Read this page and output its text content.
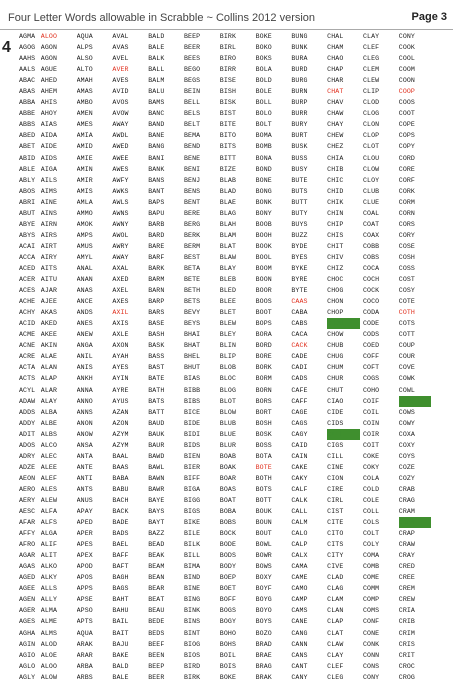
Four Letter Words allowable in Scrabble ~ Collins 2012 version	Page 3
4
AGMA
AGOG
AAHS
AALS
ABAC
ABAS
ABBA
ABBE
ABBS
ABED
ABET
ABID
ABLE
ABLY
ABOS
ABRI
ABUT
ABYE
ABYS
ACAI
ACCA
ACED
ACER
ACES
ACHE
ACHY
ACID
ACME
ACNE
ACRE
ACTA
ACTS
ACYL
ADAW
ADDS
ADDY
ADIT
ADOS
ADRY
ADZE
AEON
AERO
AERY
AESC
AFAR
AFFY
AFRO
AGAR
AGAS
AGED
AGEE
AGEN
AGER
AGES
AGHA
AGIN
AGIO
AGLO
AGLY
ALOO
AGON
AGON
AGUE
AHED
AHEM
AHIS
AHOY
AIAS
AIDA
AIDE
AIDS
AIGA
AILS
AIMS
AINE
AINS
AIRN
AIRS
AIRT
AIRY
AITS
AITU
AJAR
AJEE
AKAS
AKED
AKEE
AKIN
ALAE
ALAN
ALAP
ALAR
ALAY
ALBA
ALBE
ALBS
ALCO
ALEC
ALEE
ALEF
ALES
ALEW
ALFA
ALFS
ALGA
ALIF
ALIT
ALKO
ALKY
ALLS
ALLY
ALMA
ALME
ALMS
ALOD
ALOE
ALOO
ALOW
AQUA
ALPS
ALSO
ALTO
AMAH
AMAS
AMBO
AMEN
AMES
AMIA
AMID
AMIE
AMIN
AMIR
AMIS
AMLA
AMMO
AMOK
AMPS
AMUS
AMYL
ANAL
ANAN
ANAS
ANCE
ANDS
ANES
ANEW
ANGA
ANIL
ANIS
ANKH
ANNA
ANNO
ANNS
ANON
ANOW
ANSA
ANTA
ANTE
ANTI
ANTS
ANUS
APAY
APED
APER
APES
APEX
APOD
APOS
APPS
APSE
APSO
APTS
AQUA
ARAK
ARAR
ARBA
ARBS
AVAL
AVAS
AVEL
AVER
AVES
AVID
AVOS
AVOW
AWAY
AWDL
AWED
AWEE
AWES
AWFY
AWKS
AWLS
AWNS
AWNY
AWOL
AWRY
AWAY
AXAL
AXED
AXEL
AXES
AXIL
AXIS
AXLE
AXON
AYAH
AYES
AYIN
AYRE
AYUS
AZAN
AZON
AZYM
AZYM
BAAL
BAAS
BABA
BABU
BACH
BACK
BADE
BADS
BAEL
BAFF
BAFT
BAGH
BAGS
BAHT
BAHU
BAIL
BAIT
BAJU
BAKE
BALD
BALE
BALD
BALE
BALK
BALL
BALM
BALU
BAMS
BANC
BAND
BANE
BANG
BANI
BANK
BANS
BANT
BAPS
BAPU
BARB
BARD
BARE
BARF
BARK
BARM
BARN
BARP
BARS
BASE
BASH
BASK
BASS
BAST
BATE
BATH
BATS
BATT
BAUD
BAUK
BAUR
BAWD
BAWL
BAWN
BAWR
BAYE
BAYS
BAYT
BAZZ
BEAD
BEAK
BEAM
BEAN
BEAR
BEAT
BEAU
BEDE
BEDS
BEEF
BEEN
BEEP
BEER
BEEP
BEER
BEES
BEGO
BEGS
BEIN
BELL
BELS
BELT
BEMA
BEND
BENE
BENI
BENJ
BENS
BENT
BERE
BERG
BERK
BERM
BEST
BETA
BETE
BETH
BETS
BEVY
BEYS
BHAI
BHAT
BHEL
BHUT
BIAS
BIBB
BIBS
BICE
BIDE
BIDI
BIDS
BIEN
BIER
BIFF
BIGA
BIGG
BIGS
BIKE
BILE
BILK
BILL
BIMA
BIND
BINE
BING
BINK
BINS
BINT
BIOG
BIOS
BIRD
BIRK
BIRK
BIRL
BIRO
BIRR
BISE
BISH
BISK
BIST
BITE
BITO
BITS
BITT
BIZE
BLAB
BLAD
BLAE
BLAG
BLAH
BLAM
BLAT
BLAW
BLAY
BLEB
BLED
BLEE
BLET
BLEW
BLEY
BLIN
BLIP
BLOB
BLOC
BLOG
BLOT
BLOW
BLUB
BLUE
BLUR
BOAB
BOAK
BOAR
BOAS
BOAT
BOBA
BOBS
BOCK
BODE
BODS
BODY
BOEP
BOET
BOFF
BOGS
BOGY
BOHO
BOHS
BOIL
BOIS
BOKE
BOKE
BOKO
BOKS
BOLA
BOLD
BOLE
BOLL
BOLO
BOLT
BOMA
BOMB
BONA
BOND
BONE
BONG
BONK
BONY
BOOB
BOOH
BOOK
BOOL
BOOM
BOON
BOOR
BOOS
BOOT
BOPS
BORA
BORD
BORE
BORK
BORM
BORN
BORS
BORT
BOSH
BOSK
BOSS
BOTA
BOTE
BOTH
BOTS
BOTT
BOUK
BOUN
BOUT
BOWL
BOWR
BOWS
BOXY
BOYF
BOYG
BOYO
BOYS
BOZO
BRAD
BRAE
BRAG
BRAK
BUNG
BUNK
BURA
BURD
BURG
BURN
BURP
BURR
BURY
BURT
BUSK
BUSS
BUSY
BUTE
BUTS
BUTT
BUTY
BUYS
BUZZ
BYDE
BYES
BYKE
BYRE
BYTE
CAAS
CABA
CABS
CACA
CACK
CADE
CADI
CADS
CAFE
CAFF
CAGE
CAGS
CAGY
CAID
CAIN
CAKE
CAKY
CALF
CALK
CALL
CALM
CALO
CALP
CALX
CAMA
CAME
CAMO
CAMP
CAMS
CANE
CANG
CANN
CANS
CANT
CANY
CHAL
CHAM
CHAO
CHAP
CHAR
CHAT
CHAV
CHAW
CHAY
CHEW
CHEZ
CHIA
CHIB
CHIC
CHID
CHIK
CHIN
CHIP
CHIS
CHIT
CHIV
CHIZ
CHOC
CHOG
CHON
CHOP
CHOU
CHOW
CHUB
CHUG
CHUM
CHUR
CHUT
CIAO
CIDE
CIDS
CIEL
CIGS
CILL
CINE
CION
CIRE
CIRL
CIST
CITE
CITO
CITS
CITY
CIVE
CLAD
CLAG
CLAM
CLAN
CLAP
CLAT
CLAW
CLAY
CLEF
CLEG
CLAY
CLEF
CLEG
CLEM
CLEW
CLIP
CLOD
CLOG
CLON
CLOP
CLOT
CLOU
CLOW
CLOY
CLUB
CLUE
COAL
COAT
COAX
COBB
COBS
COCA
COCH
COCK
COCO
CODA
CODE
CODS
COED
COFF
COFT
COGS
COHO
COIF
COIL
COIN
COIR
COIT
COKE
COKY
COLA
COLD
COLE
COLL
COLS
COLT
COLY
COMA
COMB
COME
COMM
COMP
COMS
CONF
CONE
CONK
CONN
CONS
CONY
CONY
COOK
COOL
COOM
COON
COOP
COOS
COOT
COPE
COPS
COPY
CORD
CORE
CORF
CORK
CORM
CORN
CORS
CORY
COSE
COSH
COSS
COST
COSY
COTE
COTH
COTS
COTT
COUP
COUR
COVE
COWK
COWL
COWP
COWS
COWY
COXA
COXY
COYS
COZE
COZY
CRAB
CRAG
CRAM
CRAN
CRAP
CRAW
CRAY
CRED
CREE
CREM
CREW
CRIA
CRIB
CRIM
CRIS
CRIT
CROC
CROG
